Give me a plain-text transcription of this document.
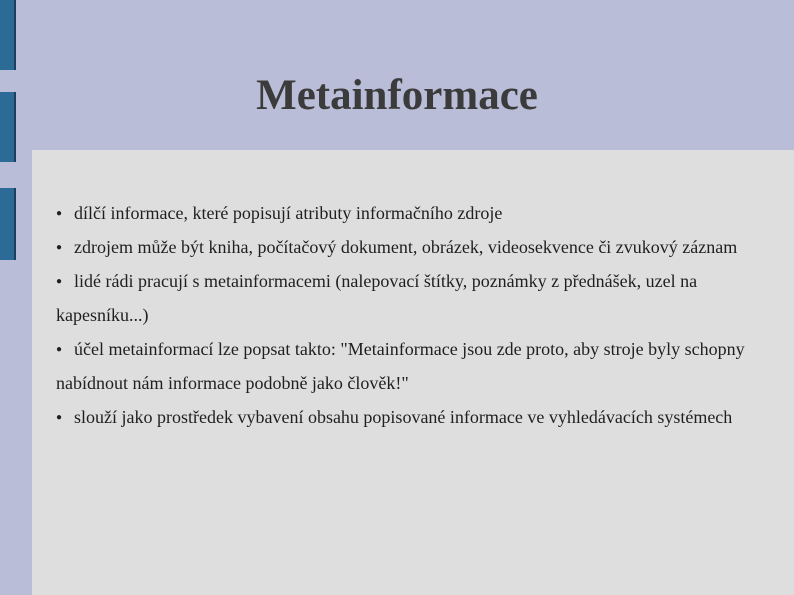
Metainformace
● dílčí informace, které popisují atributy informačního zdroje
● zdrojem může být kniha, počítačový dokument, obrázek, videosekvence či zvukový záznam
● lidé rádi pracují s metainformacemi (nalepovací štítky, poznámky z přednášek, uzel na kapesníku...)
● účel metainformací lze popsat takto: "Metainformace jsou zde proto, aby stroje byly schopny nabídnout nám informace podobně jako člověk!"
● slouží jako prostředek vybavení obsahu popisované informace ve vyhledávacích systémech
